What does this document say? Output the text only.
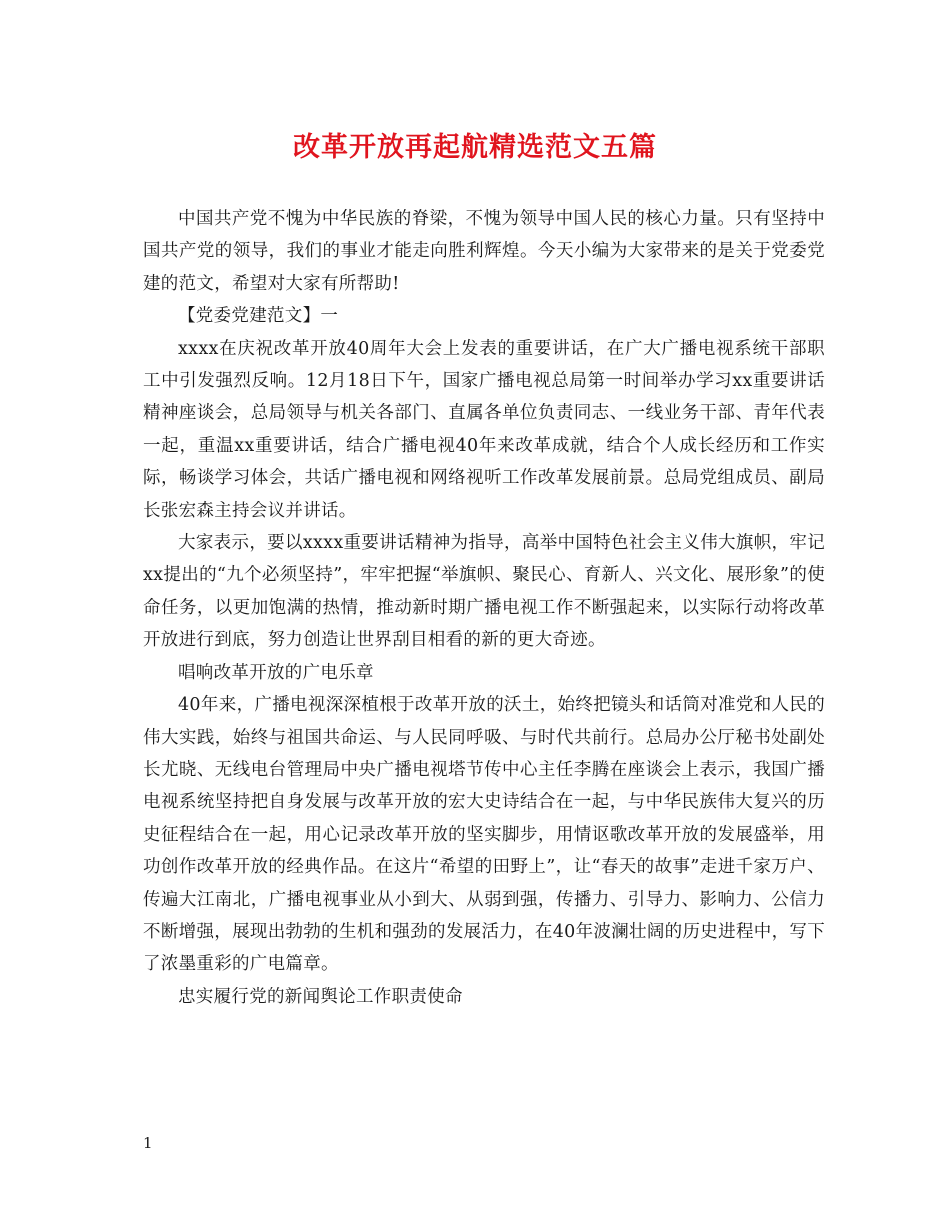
改革开放再起航精选范文五篇

中国共产党不愧为中华民族的脊梁，不愧为领导中国人民的核心力量。只有坚持中国共产党的领导，我们的事业才能走向胜利辉煌。今天小编为大家带来的是关于党委党建的范文，希望对大家有所帮助!

【党委党建范文】一

xxxx在庆祝改革开放40周年大会上发表的重要讲话，在广大广播电视系统干部职工中引发强烈反响。12月18日下午，国家广播电视总局第一时间举办学习xx重要讲话精神座谈会，总局领导与机关各部门、直属各单位负责同志、一线业务干部、青年代表一起，重温xx重要讲话，结合广播电视40年来改革成就，结合个人成长经历和工作实际，畅谈学习体会，共话广播电视和网络视听工作改革发展前景。总局党组成员、副局长张宏森主持会议并讲话。

大家表示，要以xxxx重要讲话精神为指导，高举中国特色社会主义伟大旗帜，牢记xx提出的“九个必须坚持”，牢牢把握“举旗帜、聚民心、育新人、兴文化、展形象”的使命任务，以更加饱满的热情，推动新时期广播电视工作不断强起来，以实际行动将改革开放进行到底，努力创造让世界刮目相看的新的更大奇迹。

唱响改革开放的广电乐章

40年来，广播电视深深植根于改革开放的沃土，始终把镜头和话筒对准党和人民的伟大实践，始终与祖国共命运、与人民同呼吸、与时代共前行。总局办公厅秘书处副处长尤晓、无线电台管理局中央广播电视塔节传中心主任李腾在座谈会上表示，我国广播电视系统坚持把自身发展与改革开放的宏大史诗结合在一起，与中华民族伟大复兴的历史征程结合在一起，用心记录改革开放的坚实脚步，用情讴歌改革开放的发展盛举，用功创作改革开放的经典作品。在这片“希望的田野上”，让“春天的故事”走进千家万户、传遍大江南北，广播电视事业从小到大、从弱到强，传播力、引导力、影响力、公信力不断增强，展现出勃勃的生机和强劲的发展活力，在40年波澜壮阔的历史进程中，写下了浓墨重彩的广电篇章。

忠实履行党的新闻舆论工作职责使命

1
